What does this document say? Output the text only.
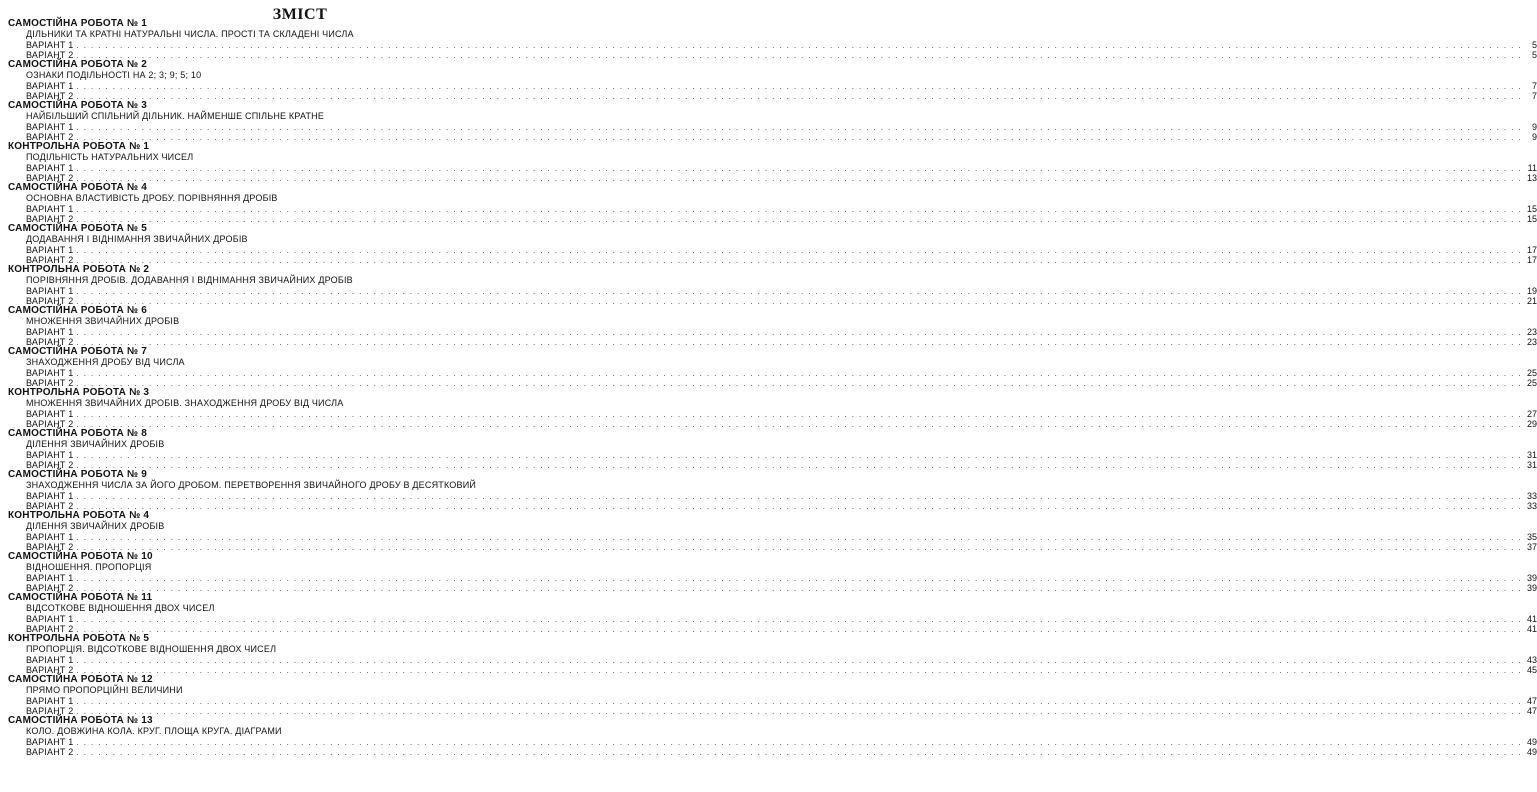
ЗМІСТ
САМОСТІЙНА РОБОТА № 1
ДІЛЬНИКИ ТА КРАТНІ НАТУРАЛЬНІ ЧИСЛА. ПРОСТІ ТА СКЛАДЕНІ ЧИСЛА
ВАРІАНТ 1 . . . . . . . . . . . . . . . . . . . . . . . . . . . . . . . . . . . . . . . . . . . . . . . . . . . . . . . . . . . . . . . . . . . . . . . . . . . . . . . . . . . . . . . . . . . . . . . . . . . . . . . . . . . . . . . . . . . . . . . . . . . . . . . . . . . . . . . . . . . . . . . . . . . . . . . . . . . . . . . . . . . . . . . . . . . . . . . . . . . . . . . . . . . . . . . . . . . . . . . .	5
ВАРІАНТ 2 . . . . . . . . . . . . . . . . . . . . . . . . . . . . . . . . . . . . . . . . . . . . . . . . . . . . . . . . . . . . . . . . . . . . . . . . . . . . . . . . . . . . . . . . . . . . . . . . . . . . . . . . . . . . . . . . . . . . . . . . . . . . . . . . . . . . . . . . . . . . . . . . . . . . . . . . . . . . . . . . . . . . . . . . . . . . . . . . . . . . . . . . . . . . . . . . . . . . . . . .	5
САМОСТІЙНА РОБОТА № 2
ОЗНАКИ ПОДІЛЬНОСТІ НА 2; 3; 9; 5; 10
ВАРІАНТ 1 . . . . . . . . . . . . . . . . . . . . . . . . . . . . . . . . . . . . . . . . . . . . . . . . . . . . . . . . . . . . . . . . . . . . . . . . . . . . . . . . . . . . . . . . . . . . . . . . . . . . . . . . . . . . . . . . . . . . . . . . . . . . . . . . . . . . . . . . . . . . . . . . . . . . . . . . . . . . . . . . . . . . . . . . . . . . . . . . . . . . . . . . . . . . . . . . . . . . . . . .	7
ВАРІАНТ 2 . . . . . . . . . . . . . . . . . . . . . . . . . . . . . . . . . . . . . . . . . . . . . . . . . . . . . . . . . . . . . . . . . . . . . . . . . . . . . . . . . . . . . . . . . . . . . . . . . . . . . . . . . . . . . . . . . . . . . . . . . . . . . . . . . . . . . . . . . . . . . . . . . . . . . . . . . . . . . . . . . . . . . . . . . . . . . . . . . . . . . . . . . . . . . . . . . . . . . . . .	7
САМОСТІЙНА РОБОТА № 3
НАЙБІЛЬШИЙ СПІЛЬНИЙ ДІЛЬНИК. НАЙМЕНШЕ СПІЛЬНЕ КРАТНЕ
ВАРІАНТ 1 . . . . . . . . . . . . . . . . . . . . . . . . . . . . . . . . . . . . . . . . . . . . . . . . . . . . . . . . . . . . . . . . . . . . . . . . . . . . . . . . . . . . . . . . . . . . . . . . . . . . . . . . . . . . . . . . . . . . . . . . . . . . . . . . . . . . . . . . . . . . . . . . . . . . . . . . . . . . . . . . . . . . . . . . . . . . . . . . . . . . . . . . . . . . . . . . . . . . . . . .	9
ВАРІАНТ 2 . . . . . . . . . . . . . . . . . . . . . . . . . . . . . . . . . . . . . . . . . . . . . . . . . . . . . . . . . . . . . . . . . . . . . . . . . . . . . . . . . . . . . . . . . . . . . . . . . . . . . . . . . . . . . . . . . . . . . . . . . . . . . . . . . . . . . . . . . . . . . . . . . . . . . . . . . . . . . . . . . . . . . . . . . . . . . . . . . . . . . . . . . . . . . . . . . . . . . . . .	9
КОНТРОЛЬНА РОБОТА № 1
ПОДІЛЬНІСТЬ НАТУРАЛЬНИХ ЧИСЕЛ
ВАРІАНТ 1 . . . . . . . . . . . . . . . . . . . . . . . . . . . . . . . . . . . . . . . . . . . . . . . . . . . . . . . . . . . . . . . . . . . . . . . . . . . . . . . . . . . . . . . . . . . . . . . . . . . . . . . . . . . . . . . . . . . . . . . . . . . . . . . . . . . . . . . . . . . . . . . . . . . . . . . . . . . . . . . . . . . . . . . . . . . . . . . . . . . . . . . . . . . . . . . . . . . . . . . . 11
ВАРІАНТ 2 . . . . . . . . . . . . . . . . . . . . . . . . . . . . . . . . . . . . . . . . . . . . . . . . . . . . . . . . . . . . . . . . . . . . . . . . . . . . . . . . . . . . . . . . . . . . . . . . . . . . . . . . . . . . . . . . . . . . . . . . . . . . . . . . . . . . . . . . . . . . . . . . . . . . . . . . . . . . . . . . . . . . . . . . . . . . . . . . . . . . . . . . . . . . . . . . . . . . . . . . 13
САМОСТІЙНА РОБОТА № 4
ОСНОВНА ВЛАСТИВІСТЬ ДРОБУ. ПОРІВНЯННЯ ДРОБІВ
ВАРІАНТ 1 . . . . . . . . . . . . . . . . . . . . . . . . . . . . . . . . . . . . . . . . . . . . . . . . . . . . . . . . . . . . . . . . . . . . . . . . . . . . . . . . . . . . . . . . . . . . . . . . . . . . . . . . . . . . . . . . . . . . . . . . . . . . . . . . . . . . . . . . . . . . . . . . . . . . . . . . . . . . . . . . . . . . . . . . . . . . . . . . . . . . . . . . . . . . . . . . . . . . . . . . 15
ВАРІАНТ 2 . . . . . . . . . . . . . . . . . . . . . . . . . . . . . . . . . . . . . . . . . . . . . . . . . . . . . . . . . . . . . . . . . . . . . . . . . . . . . . . . . . . . . . . . . . . . . . . . . . . . . . . . . . . . . . . . . . . . . . . . . . . . . . . . . . . . . . . . . . . . . . . . . . . . . . . . . . . . . . . . . . . . . . . . . . . . . . . . . . . . . . . . . . . . . . . . . . . . . . . . 15
САМОСТІЙНА РОБОТА № 5
ДОДАВАННЯ І ВІДНІМАННЯ ЗВИЧАЙНИХ ДРОБІВ
ВАРІАНТ 1 . . . . . . . . . . . . . . . . . . . . . . . . . . . . . . . . . . . . . . . . . . . . . . . . . . . . . . . . . . . . . . . . . . . . . . . . . . . . . . . . . . . . . . . . . . . . . . . . . . . . . . . . . . . . . . . . . . . . . . . . . . . . . . . . . . . . . . . . . . . . . . . . . . . . . . . . . . . . . . . . . . . . . . . . . . . . . . . . . . . . . . . . . . . . . . . . . . . . . . . . 17
ВАРІАНТ 2 . . . . . . . . . . . . . . . . . . . . . . . . . . . . . . . . . . . . . . . . . . . . . . . . . . . . . . . . . . . . . . . . . . . . . . . . . . . . . . . . . . . . . . . . . . . . . . . . . . . . . . . . . . . . . . . . . . . . . . . . . . . . . . . . . . . . . . . . . . . . . . . . . . . . . . . . . . . . . . . . . . . . . . . . . . . . . . . . . . . . . . . . . . . . . . . . . . . . . . . . 17
КОНТРОЛЬНА РОБОТА № 2
ПОРІВНЯННЯ ДРОБІВ. ДОДАВАННЯ І ВІДНІМАННЯ ЗВИЧАЙНИХ ДРОБІВ
ВАРІАНТ 1 . . . . . . . . . . . . . . . . . . . . . . . . . . . . . . . . . . . . . . . . . . . . . . . . . . . . . . . . . . . . . . . . . . . . . . . . . . . . . . . . . . . . . . . . . . . . . . . . . . . . . . . . . . . . . . . . . . . . . . . . . . . . . . . . . . . . . . . . . . . . . . . . . . . . . . . . . . . . . . . . . . . . . . . . . . . . . . . . . . . . . . . . . . . . . . . . . . . . . . . . 19
ВАРІАНТ 2 . . . . . . . . . . . . . . . . . . . . . . . . . . . . . . . . . . . . . . . . . . . . . . . . . . . . . . . . . . . . . . . . . . . . . . . . . . . . . . . . . . . . . . . . . . . . . . . . . . . . . . . . . . . . . . . . . . . . . . . . . . . . . . . . . . . . . . . . . . . . . . . . . . . . . . . . . . . . . . . . . . . . . . . . . . . . . . . . . . . . . . . . . . . . . . . . . . . . . . . . 21
САМОСТІЙНА РОБОТА № 6
МНОЖЕННЯ ЗВИЧАЙНИХ ДРОБІВ
ВАРІАНТ 1 . . . . . . . . . . . . . . . . . . . . . . . . . . . . . . . . . . . . . . . . . . . . . . . . . . . . . . . . . . . . . . . . . . . . . . . . . . . . . . . . . . . . . . . . . . . . . . . . . . . . . . . . . . . . . . . . . . . . . . . . . . . . . . . . . . . . . . . . . . . . . . . . . . . . . . . . . . . . . . . . . . . . . . . . . . . . . . . . . . . . . . . . . . . . . . . . . . . . . . . . 23
ВАРІАНТ 2 . . . . . . . . . . . . . . . . . . . . . . . . . . . . . . . . . . . . . . . . . . . . . . . . . . . . . . . . . . . . . . . . . . . . . . . . . . . . . . . . . . . . . . . . . . . . . . . . . . . . . . . . . . . . . . . . . . . . . . . . . . . . . . . . . . . . . . . . . . . . . . . . . . . . . . . . . . . . . . . . . . . . . . . . . . . . . . . . . . . . . . . . . . . . . . . . . . . . . . . . 23
САМОСТІЙНА РОБОТА № 7
ЗНАХОДЖЕННЯ ДРОБУ ВІД ЧИСЛА
ВАРІАНТ 1 . . . . . . . . . . . . . . . . . . . . . . . . . . . . . . . . . . . . . . . . . . . . . . . . . . . . . . . . . . . . . . . . . . . . . . . . . . . . . . . . . . . . . . . . . . . . . . . . . . . . . . . . . . . . . . . . . . . . . . . . . . . . . . . . . . . . . . . . . . . . . . . . . . . . . . . . . . . . . . . . . . . . . . . . . . . . . . . . . . . . . . . . . . . . . . . . . . . . . . . . 25
ВАРІАНТ 2 . . . . . . . . . . . . . . . . . . . . . . . . . . . . . . . . . . . . . . . . . . . . . . . . . . . . . . . . . . . . . . . . . . . . . . . . . . . . . . . . . . . . . . . . . . . . . . . . . . . . . . . . . . . . . . . . . . . . . . . . . . . . . . . . . . . . . . . . . . . . . . . . . . . . . . . . . . . . . . . . . . . . . . . . . . . . . . . . . . . . . . . . . . . . . . . . . . . . . . . . 25
КОНТРОЛЬНА РОБОТА № 3
МНОЖЕННЯ ЗВИЧАЙНИХ ДРОБІВ. ЗНАХОДЖЕННЯ ДРОБУ ВІД ЧИСЛА
ВАРІАНТ 1 . . . . . . . . . . . . . . . . . . . . . . . . . . . . . . . . . . . . . . . . . . . . . . . . . . . . . . . . . . . . . . . . . . . . . . . . . . . . . . . . . . . . . . . . . . . . . . . . . . . . . . . . . . . . . . . . . . . . . . . . . . . . . . . . . . . . . . . . . . . . . . . . . . . . . . . . . . . . . . . . . . . . . . . . . . . . . . . . . . . . . . . . . . . . . . . . . . . . . . . . 27
ВАРІАНТ 2 . . . . . . . . . . . . . . . . . . . . . . . . . . . . . . . . . . . . . . . . . . . . . . . . . . . . . . . . . . . . . . . . . . . . . . . . . . . . . . . . . . . . . . . . . . . . . . . . . . . . . . . . . . . . . . . . . . . . . . . . . . . . . . . . . . . . . . . . . . . . . . . . . . . . . . . . . . . . . . . . . . . . . . . . . . . . . . . . . . . . . . . . . . . . . . . . . . . . . . . . 29
САМОСТІЙНА РОБОТА № 8
ДІЛЕННЯ ЗВИЧАЙНИХ ДРОБІВ
ВАРІАНТ 1 . . . . . . . . . . . . . . . . . . . . . . . . . . . . . . . . . . . . . . . . . . . . . . . . . . . . . . . . . . . . . . . . . . . . . . . . . . . . . . . . . . . . . . . . . . . . . . . . . . . . . . . . . . . . . . . . . . . . . . . . . . . . . . . . . . . . . . . . . . . . . . . . . . . . . . . . . . . . . . . . . . . . . . . . . . . . . . . . . . . . . . . . . . . . . . . . . . . . . . . . 31
ВАРІАНТ 2 . . . . . . . . . . . . . . . . . . . . . . . . . . . . . . . . . . . . . . . . . . . . . . . . . . . . . . . . . . . . . . . . . . . . . . . . . . . . . . . . . . . . . . . . . . . . . . . . . . . . . . . . . . . . . . . . . . . . . . . . . . . . . . . . . . . . . . . . . . . . . . . . . . . . . . . . . . . . . . . . . . . . . . . . . . . . . . . . . . . . . . . . . . . . . . . . . . . . . . . . 31
САМОСТІЙНА РОБОТА № 9
ЗНАХОДЖЕННЯ ЧИСЛА ЗА ЙОГО ДРОБОМ. ПЕРЕТВОРЕННЯ ЗВИЧАЙНОГО ДРОБУ В ДЕСЯТКОВИЙ
ВАРІАНТ 1 . . . . . . . . . . . . . . . . . . . . . . . . . . . . . . . . . . . . . . . . . . . . . . . . . . . . . . . . . . . . . . . . . . . . . . . . . . . . . . . . . . . . . . . . . . . . . . . . . . . . . . . . . . . . . . . . . . . . . . . . . . . . . . . . . . . . . . . . . . . . . . . . . . . . . . . . . . . . . . . . . . . . . . . . . . . . . . . . . . . . . . . . . . . . . . . . . . . . . . . . 33
ВАРІАНТ 2 . . . . . . . . . . . . . . . . . . . . . . . . . . . . . . . . . . . . . . . . . . . . . . . . . . . . . . . . . . . . . . . . . . . . . . . . . . . . . . . . . . . . . . . . . . . . . . . . . . . . . . . . . . . . . . . . . . . . . . . . . . . . . . . . . . . . . . . . . . . . . . . . . . . . . . . . . . . . . . . . . . . . . . . . . . . . . . . . . . . . . . . . . . . . . . . . . . . . . . . . 33
КОНТРОЛЬНА РОБОТА № 4
ДІЛЕННЯ ЗВИЧАЙНИХ ДРОБІВ
ВАРІАНТ 1 . . . . . . . . . . . . . . . . . . . . . . . . . . . . . . . . . . . . . . . . . . . . . . . . . . . . . . . . . . . . . . . . . . . . . . . . . . . . . . . . . . . . . . . . . . . . . . . . . . . . . . . . . . . . . . . . . . . . . . . . . . . . . . . . . . . . . . . . . . . . . . . . . . . . . . . . . . . . . . . . . . . . . . . . . . . . . . . . . . . . . . . . . . . . . . . . . . . . . . . . 35
ВАРІАНТ 2 . . . . . . . . . . . . . . . . . . . . . . . . . . . . . . . . . . . . . . . . . . . . . . . . . . . . . . . . . . . . . . . . . . . . . . . . . . . . . . . . . . . . . . . . . . . . . . . . . . . . . . . . . . . . . . . . . . . . . . . . . . . . . . . . . . . . . . . . . . . . . . . . . . . . . . . . . . . . . . . . . . . . . . . . . . . . . . . . . . . . . . . . . . . . . . . . . . . . . . . . 37
САМОСТІЙНА РОБОТА № 10
ВІДНОШЕННЯ. ПРОПОРЦІЯ
ВАРІАНТ 1 . . . . . . . . . . . . . . . . . . . . . . . . . . . . . . . . . . . . . . . . . . . . . . . . . . . . . . . . . . . . . . . . . . . . . . . . . . . . . . . . . . . . . . . . . . . . . . . . . . . . . . . . . . . . . . . . . . . . . . . . . . . . . . . . . . . . . . . . . . . . . . . . . . . . . . . . . . . . . . . . . . . . . . . . . . . . . . . . . . . . . . . . . . . . . . . . . . . . . . . . 39
ВАРІАНТ 2 . . . . . . . . . . . . . . . . . . . . . . . . . . . . . . . . . . . . . . . . . . . . . . . . . . . . . . . . . . . . . . . . . . . . . . . . . . . . . . . . . . . . . . . . . . . . . . . . . . . . . . . . . . . . . . . . . . . . . . . . . . . . . . . . . . . . . . . . . . . . . . . . . . . . . . . . . . . . . . . . . . . . . . . . . . . . . . . . . . . . . . . . . . . . . . . . . . . . . . . . 39
САМОСТІЙНА РОБОТА № 11
ВІДСОТКОВЕ ВІДНОШЕННЯ ДВОХ ЧИСЕЛ
ВАРІАНТ 1 . . . . . . . . . . . . . . . . . . . . . . . . . . . . . . . . . . . . . . . . . . . . . . . . . . . . . . . . . . . . . . . . . . . . . . . . . . . . . . . . . . . . . . . . . . . . . . . . . . . . . . . . . . . . . . . . . . . . . . . . . . . . . . . . . . . . . . . . . . . . . . . . . . . . . . . . . . . . . . . . . . . . . . . . . . . . . . . . . . . . . . . . . . . . . . . . . . . . . . . . 41
ВАРІАНТ 2 . . . . . . . . . . . . . . . . . . . . . . . . . . . . . . . . . . . . . . . . . . . . . . . . . . . . . . . . . . . . . . . . . . . . . . . . . . . . . . . . . . . . . . . . . . . . . . . . . . . . . . . . . . . . . . . . . . . . . . . . . . . . . . . . . . . . . . . . . . . . . . . . . . . . . . . . . . . . . . . . . . . . . . . . . . . . . . . . . . . . . . . . . . . . . . . . . . . . . . . . 41
КОНТРОЛЬНА РОБОТА № 5
ПРОПОРЦІЯ. ВІДСОТКОВЕ ВІДНОШЕННЯ ДВОХ ЧИСЕЛ
ВАРІАНТ 1 . . . . . . . . . . . . . . . . . . . . . . . . . . . . . . . . . . . . . . . . . . . . . . . . . . . . . . . . . . . . . . . . . . . . . . . . . . . . . . . . . . . . . . . . . . . . . . . . . . . . . . . . . . . . . . . . . . . . . . . . . . . . . . . . . . . . . . . . . . . . . . . . . . . . . . . . . . . . . . . . . . . . . . . . . . . . . . . . . . . . . . . . . . . . . . . . . . . . . . . . 43
ВАРІАНТ 2 . . . . . . . . . . . . . . . . . . . . . . . . . . . . . . . . . . . . . . . . . . . . . . . . . . . . . . . . . . . . . . . . . . . . . . . . . . . . . . . . . . . . . . . . . . . . . . . . . . . . . . . . . . . . . . . . . . . . . . . . . . . . . . . . . . . . . . . . . . . . . . . . . . . . . . . . . . . . . . . . . . . . . . . . . . . . . . . . . . . . . . . . . . . . . . . . . . . . . . . . 45
САМОСТІЙНА РОБОТА № 12
ПРЯМО ПРОПОРЦІЙНІ ВЕЛИЧИНИ
ВАРІАНТ 1 . . . . . . . . . . . . . . . . . . . . . . . . . . . . . . . . . . . . . . . . . . . . . . . . . . . . . . . . . . . . . . . . . . . . . . . . . . . . . . . . . . . . . . . . . . . . . . . . . . . . . . . . . . . . . . . . . . . . . . . . . . . . . . . . . . . . . . . . . . . . . . . . . . . . . . . . . . . . . . . . . . . . . . . . . . . . . . . . . . . . . . . . . . . . . . . . . . . . . . . . 47
ВАРІАНТ 2 . . . . . . . . . . . . . . . . . . . . . . . . . . . . . . . . . . . . . . . . . . . . . . . . . . . . . . . . . . . . . . . . . . . . . . . . . . . . . . . . . . . . . . . . . . . . . . . . . . . . . . . . . . . . . . . . . . . . . . . . . . . . . . . . . . . . . . . . . . . . . . . . . . . . . . . . . . . . . . . . . . . . . . . . . . . . . . . . . . . . . . . . . . . . . . . . . . . . . . . . 47
САМОСТІЙНА РОБОТА № 13
КОЛО. ДОВЖИНА КОЛА. КРУГ. ПЛОЩА КРУГА. ДІАГРАМИ
ВАРІАНТ 1 . . . . . . . . . . . . . . . . . . . . . . . . . . . . . . . . . . . . . . . . . . . . . . . . . . . . . . . . . . . . . . . . . . . . . . . . . . . . . . . . . . . . . . . . . . . . . . . . . . . . . . . . . . . . . . . . . . . . . . . . . . . . . . . . . . . . . . . . . . . . . . . . . . . . . . . . . . . . . . . . . . . . . . . . . . . . . . . . . . . . . . . . . . . . . . . . . . . . . . . . 49
ВАРІАНТ 2 . . . . . . . . . . . . . . . . . . . . . . . . . . . . . . . . . . . . . . . . . . . . . . . . . . . . . . . . . . . . . . . . . . . . . . . . . . . . . . . . . . . . . . . . . . . . . . . . . . . . . . . . . . . . . . . . . . . . . . . . . . . . . . . . . . . . . . . . . . . . . . . . . . . . . . . . . . . . . . . . . . . . . . . . . . . . . . . . . . . . . . . . . . . . . . . . . . . . . . . . 49
